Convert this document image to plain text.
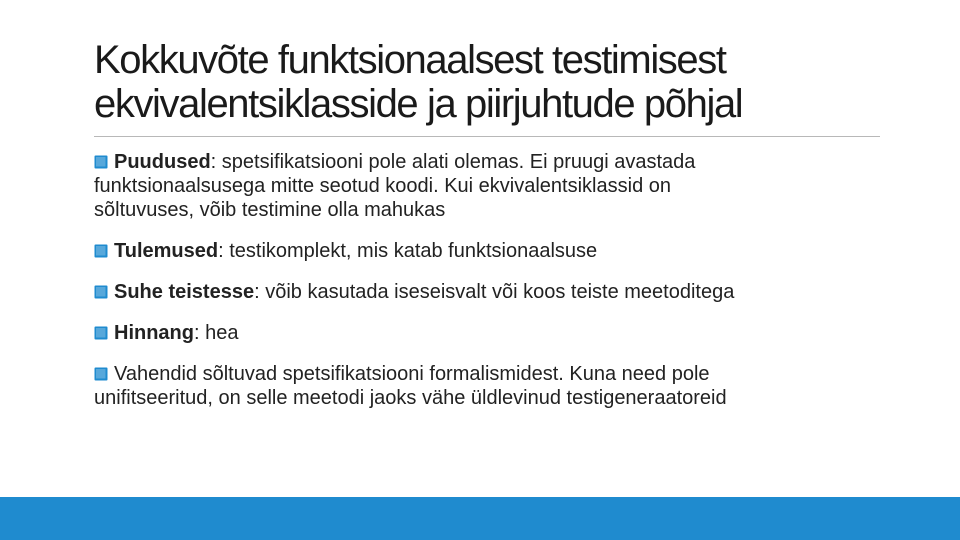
Kokkuvõte funktsionaalsest testimisest
ekvivalentsiklasside ja piirjuhtude põhjal
Puudused: spetsifikatsiooni pole alati olemas. Ei pruugi avastada
funktsionaalsusega mitte seotud koodi. Kui ekvivalentsiklassid on
sõltuvuses, võib testimine olla mahukas
Tulemused: testikomplekt, mis katab funktsionaalsuse
Suhe teistesse: võib kasutada iseseisvalt või koos teiste meetoditega
Hinnang: hea
Vahendid sõltuvad spetsifikatsiooni formalismidest. Kuna need pole
unifitseeritud, on selle meetodi jaoks vähe üldlevinud testigeneraatoreid
